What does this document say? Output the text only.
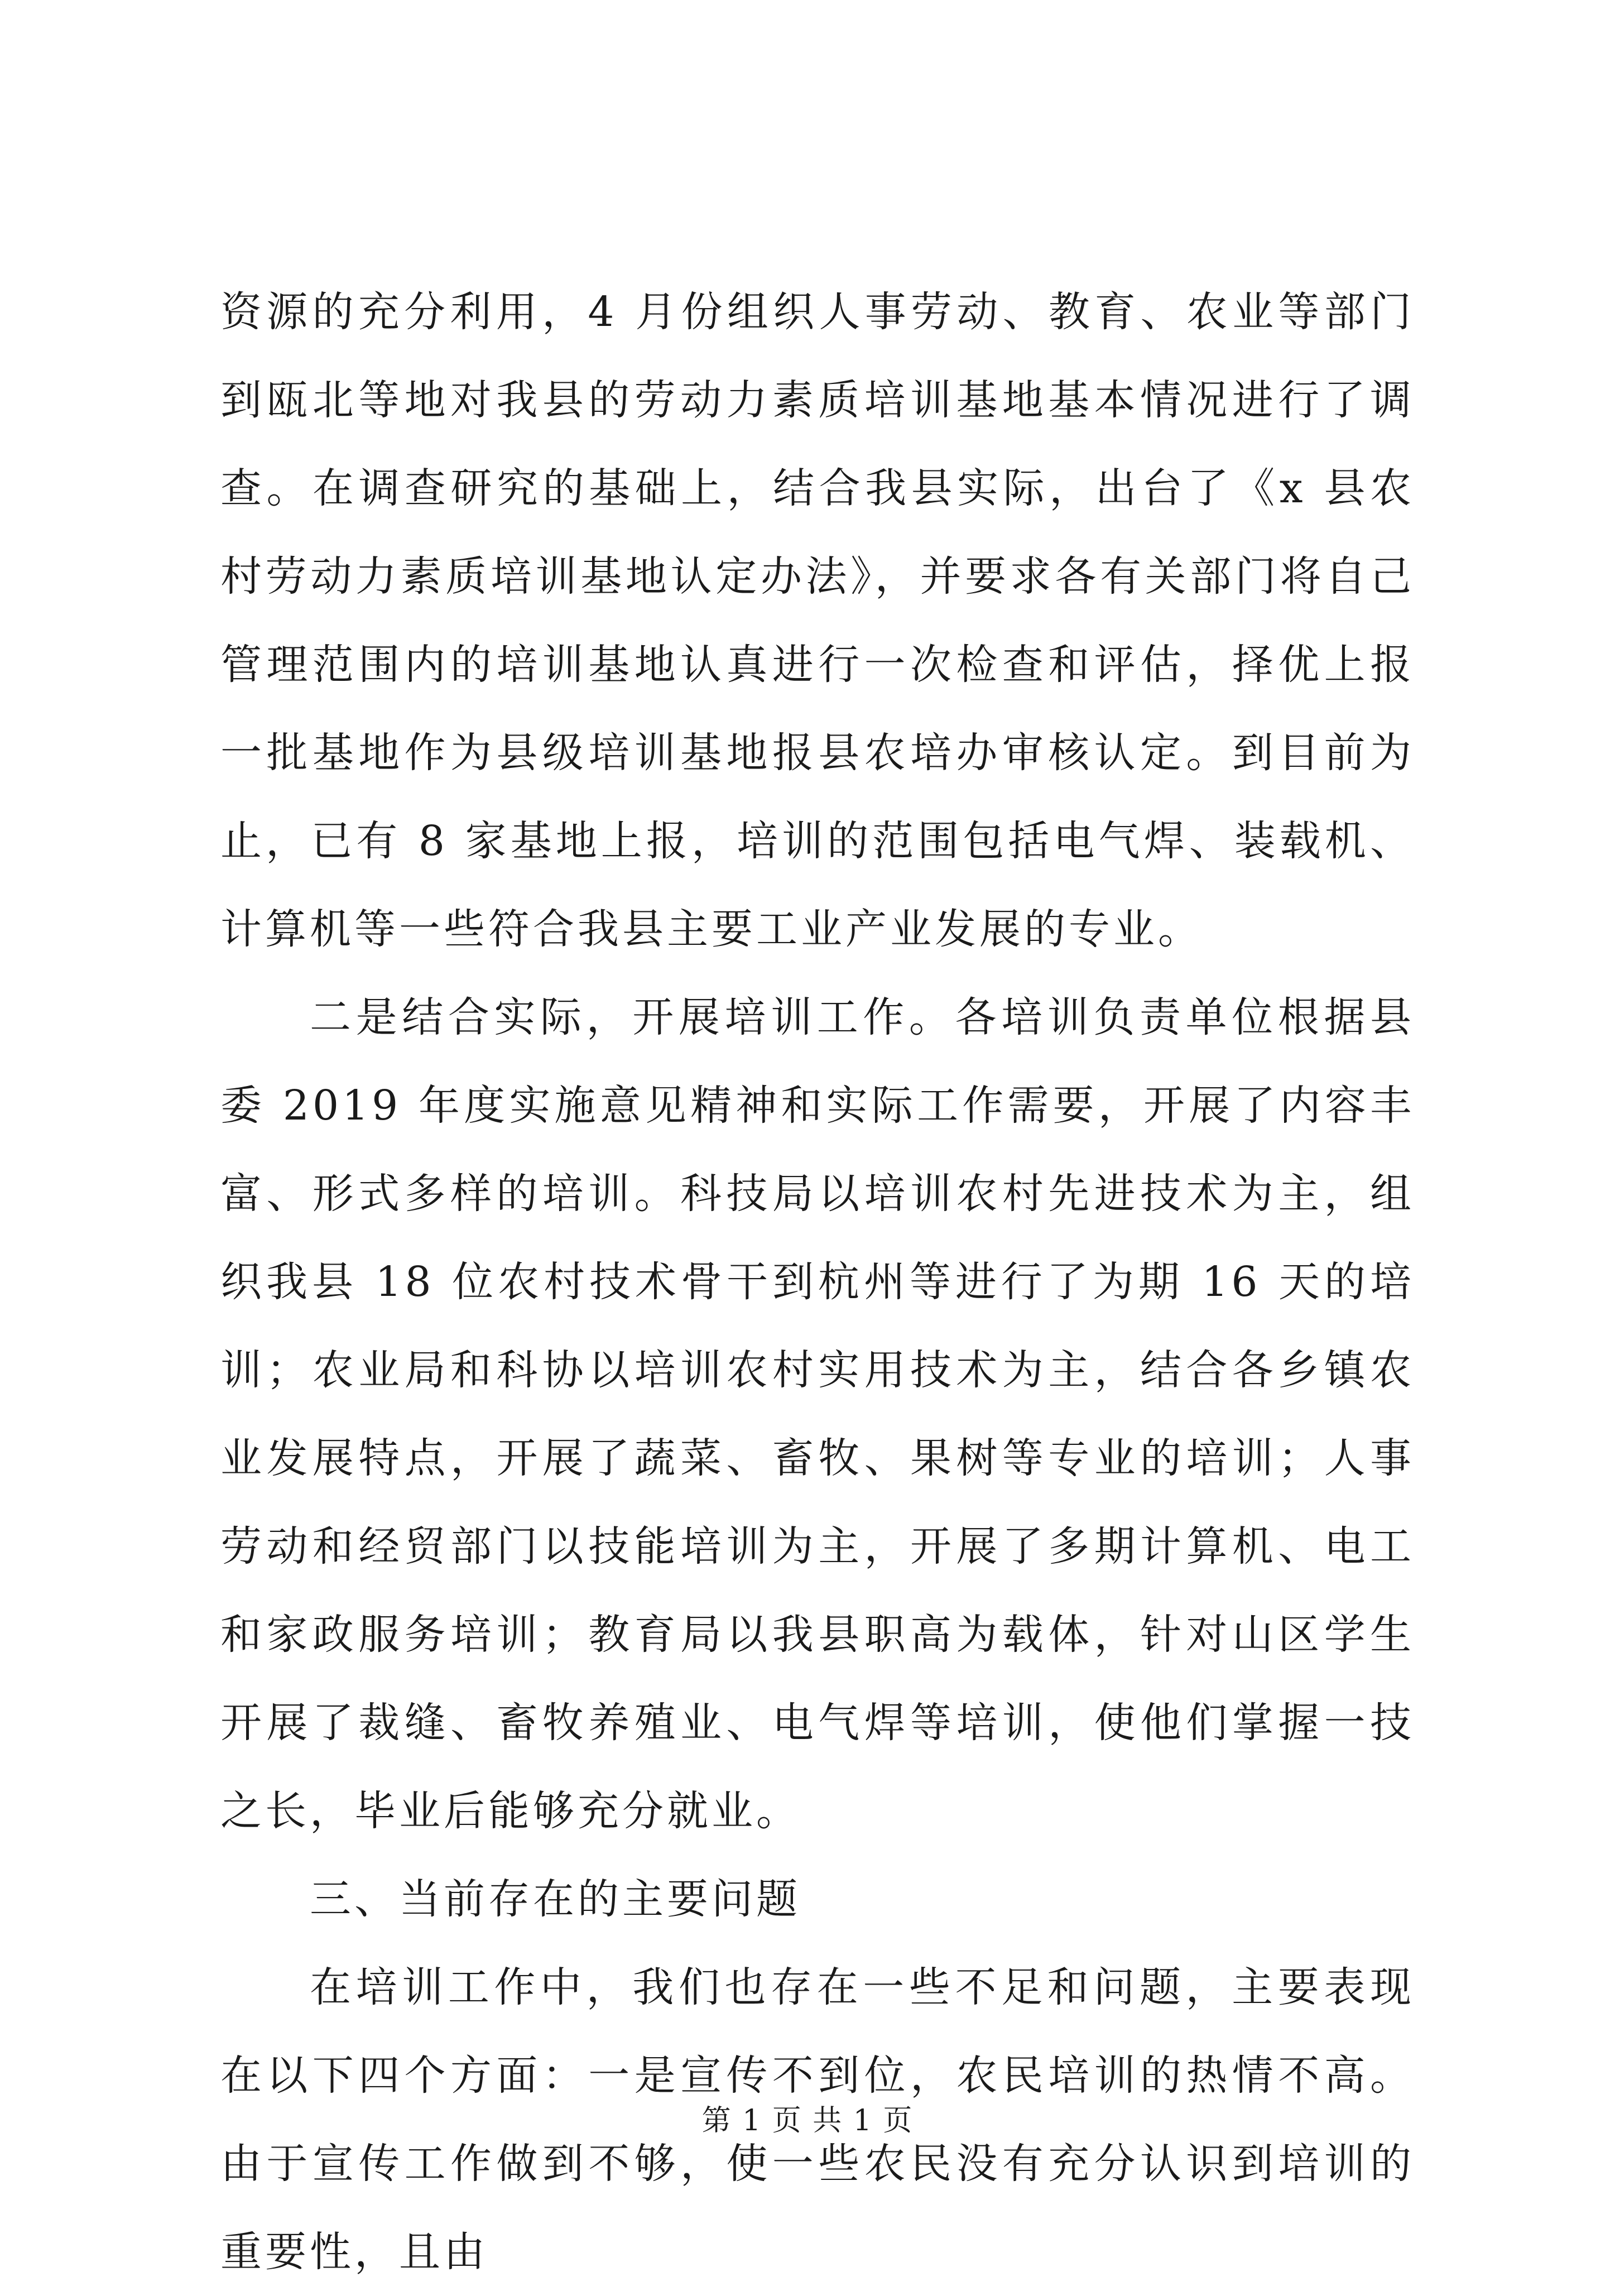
资源的充分利用，4 月份组织人事劳动、教育、农业等部门到瓯北等地对我县的劳动力素质培训基地基本情况进行了调查。在调查研究的基础上，结合我县实际，出台了《x 县农村劳动力素质培训基地认定办法》，并要求各有关部门将自己管理范围内的培训基地认真进行一次检查和评估，择优上报一批基地作为县级培训基地报县农培办审核认定。到目前为止，已有 8 家基地上报，培训的范围包括电气焊、装载机、计算机等一些符合我县主要工业产业发展的专业。

二是结合实际，开展培训工作。各培训负责单位根据县委 2019 年度实施意见精神和实际工作需要，开展了内容丰富、形式多样的培训。科技局以培训农村先进技术为主，组织我县 18 位农村技术骨干到杭州等进行了为期 16 天的培训；农业局和科协以培训农村实用技术为主，结合各乡镇农业发展特点，开展了蔬菜、畜牧、果树等专业的培训；人事劳动和经贸部门以技能培训为主，开展了多期计算机、电工和家政服务培训；教育局以我县职高为载体，针对山区学生开展了裁缝、畜牧养殖业、电气焊等培训，使他们掌握一技之长，毕业后能够充分就业。

三、当前存在的主要问题

在培训工作中，我们也存在一些不足和问题，主要表现在以下四个方面：一是宣传不到位，农民培训的热情不高。由于宣传工作做到不够，使一些农民没有充分认识到培训的重要性，且由

第 1 页 共 1 页
